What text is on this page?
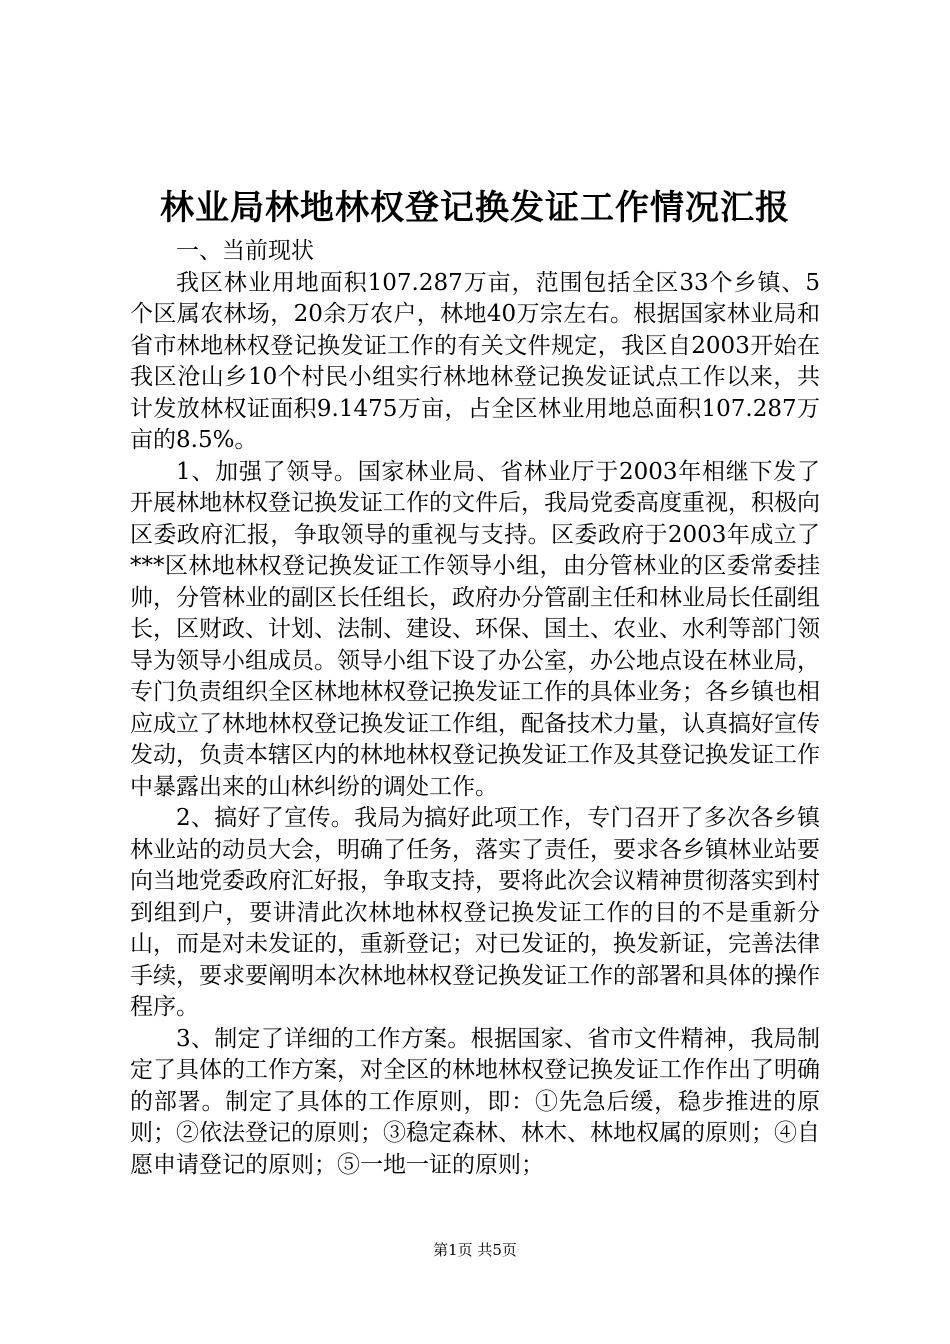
林业局林地林权登记换发证工作情况汇报

一、当前现状

我区林业用地面积107.287万亩，范围包括全区33个乡镇、5个区属农林场，20余万农户，林地40万宗左右。根据国家林业局和省市林地林权登记换发证工作的有关文件规定，我区自2003开始在我区沧山乡10个村民小组实行林地林登记换发证试点工作以来，共计发放林权证面积9.1475万亩，占全区林业用地总面积107.287万亩的8.5%。

1、加强了领导。国家林业局、省林业厅于2003年相继下发了开展林地林权登记换发证工作的文件后，我局党委高度重视，积极向区委政府汇报，争取领导的重视与支持。区委政府于2003年成立了***区林地林权登记换发证工作领导小组，由分管林业的区委常委挂帅，分管林业的副区长任组长，政府办分管副主任和林业局长任副组长，区财政、计划、法制、建设、环保、国土、农业、水利等部门领导为领导小组成员。领导小组下设了办公室，办公地点设在林业局，专门负责组织全区林地林权登记换发证工作的具体业务；各乡镇也相应成立了林地林权登记换发证工作组，配备技术力量，认真搞好宣传发动，负责本辖区内的林地林权登记换发证工作及其登记换发证工作中暴露出来的山林纠纷的调处工作。

2、搞好了宣传。我局为搞好此项工作，专门召开了多次各乡镇林业站的动员大会，明确了任务，落实了责任，要求各乡镇林业站要向当地党委政府汇好报，争取支持，要将此次会议精神贯彻落实到村到组到户，要讲清此次林地林权登记换发证工作的目的不是重新分山，而是对未发证的，重新登记；对已发证的，换发新证，完善法律手续，要求要阐明本次林地林权登记换发证工作的部署和具体的操作程序。

3、制定了详细的工作方案。根据国家、省市文件精神，我局制定了具体的工作方案，对全区的林地林权登记换发证工作作出了明确的部署。制定了具体的工作原则，即：①先急后缓，稳步推进的原则；②依法登记的原则；③稳定森林、林木、林地权属的原则；④自愿申请登记的原则；⑤一地一证的原则；

第1页 共5页
